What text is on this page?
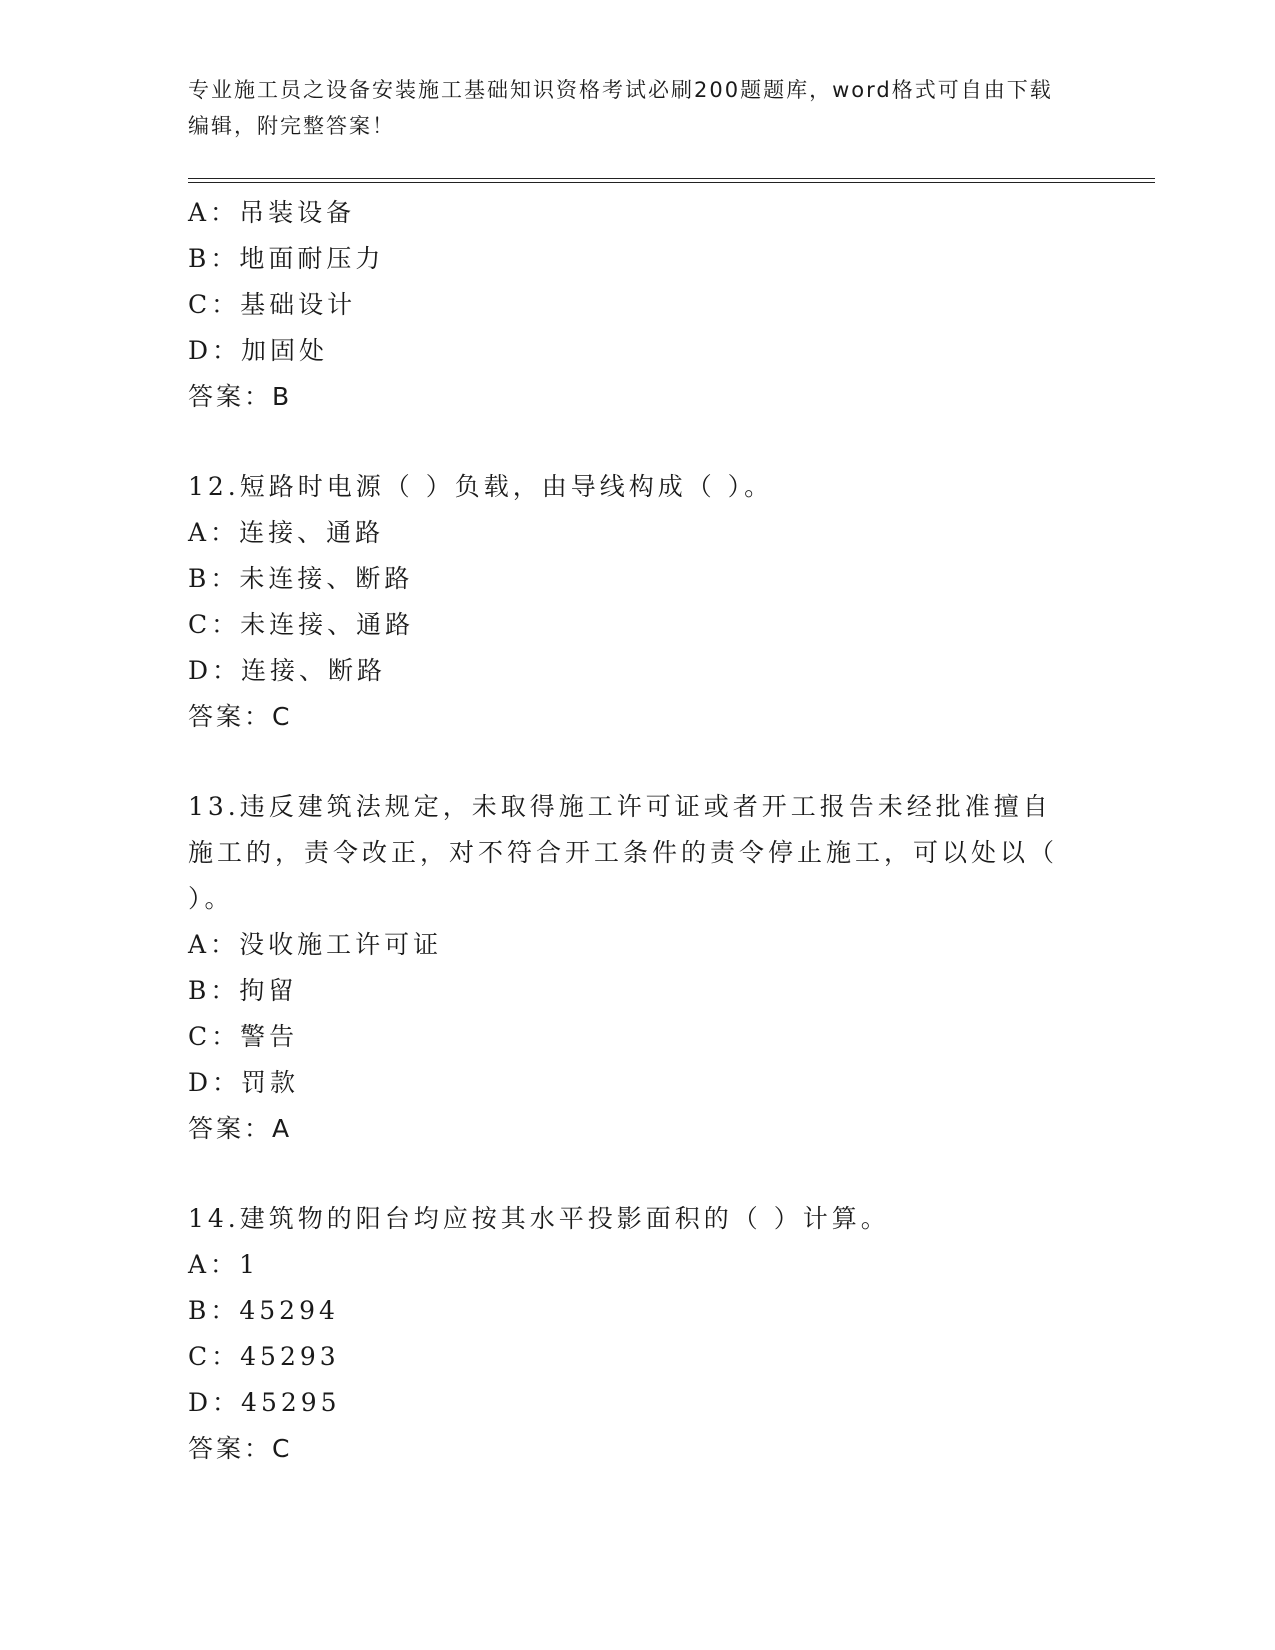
专业施工员之设备安装施工基础知识资格考试必刷200题题库，word格式可自由下载编辑，附完整答案！
A：吊装设备
B：地面耐压力
C：基础设计
D：加固处
答案：B
12.短路时电源（ ）负载，由导线构成（ ）。
A：连接、通路
B：未连接、断路
C：未连接、通路
D：连接、断路
答案：C
13.违反建筑法规定，未取得施工许可证或者开工报告未经批准擅自施工的，责令改正，对不符合开工条件的责令停止施工，可以处以（ ）。
A：没收施工许可证
B：拘留
C：警告
D：罚款
答案：A
14.建筑物的阳台均应按其水平投影面积的（ ）计算。
A：1
B：45294
C：45293
D：45295
答案：C
